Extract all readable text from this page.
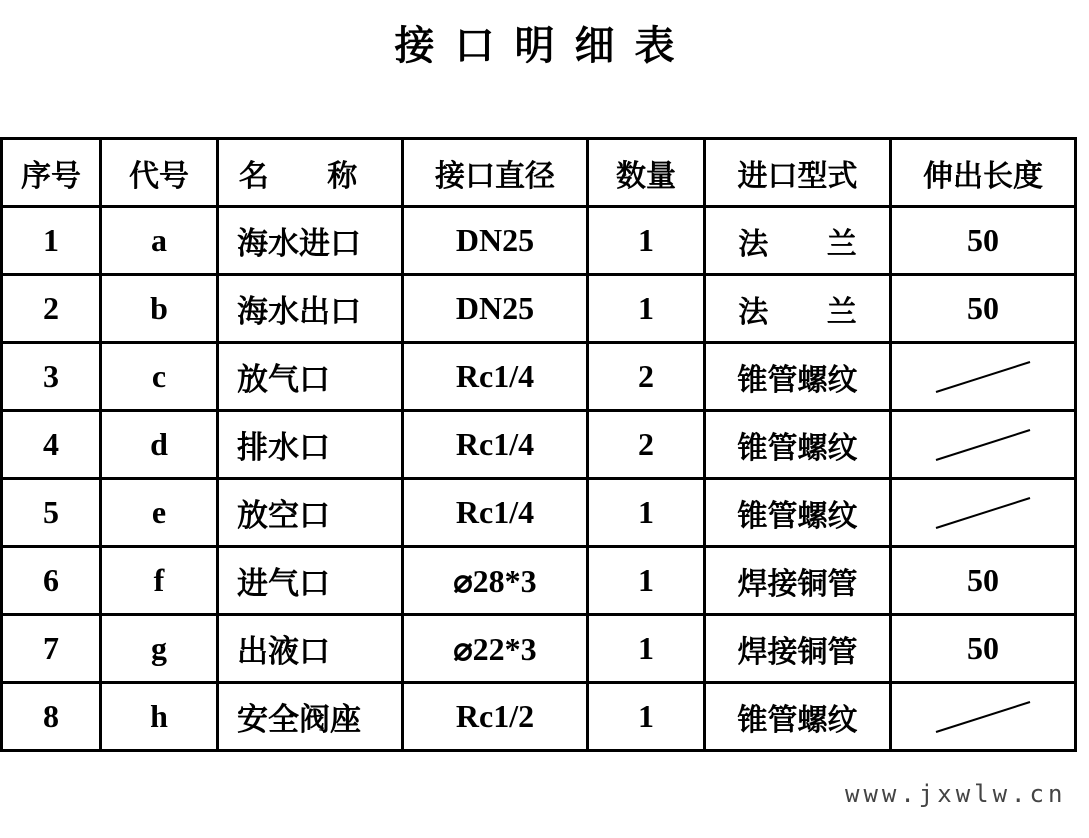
接口明细表
序号	代号	名 称	接口直径	数量	进口型式	伸出长度
1	a	海水进口	DN25	1	法 兰	50
2	b	海水出口	DN25	1	法 兰	50
3	c	放气口	Rc1/4	2	锥管螺纹	

4	d	排水口	Rc1/4	2	锥管螺纹	

5	e	放空口	Rc1/4	1	锥管螺纹	

6	f	进气口	⌀28*3	1	焊接铜管	50
7	g	出液口	⌀22*3	1	焊接铜管	50
8	h	安全阀座	Rc1/2	1	锥管螺纹	
www.jxwlw.cn
